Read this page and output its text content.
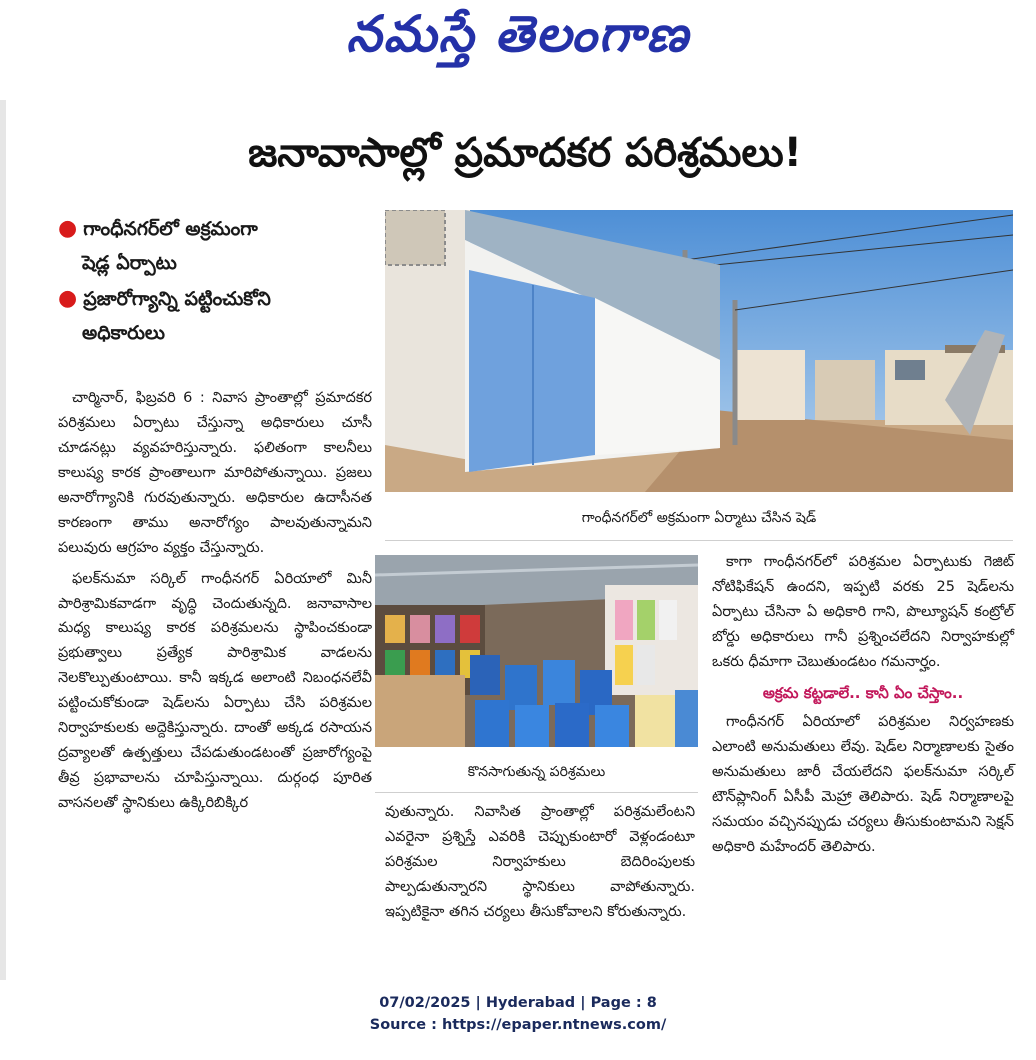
నమస్తే తెలంగాణ
జనావాసాల్లో ప్రమాదకర పరిశ్రమలు!
● గాంధీనగర్‌లో అక్రమంగా
షెడ్ల ఏర్పాటు
● ప్రజారోగ్యాన్ని పట్టించుకోని
అధికారులు

చార్మినార్, ఫిబ్రవరి 6 : నివాస ప్రాంతాల్లో ప్రమాదకర పరిశ్రమలు ఏర్పాటు చేస్తున్నా అధికారులు చూసీ చూడనట్లు వ్యవహరిస్తున్నారు. ఫలితంగా కాలనీలు కాలుష్య కారక ప్రాంతాలుగా మారిపోతున్నాయి. ప్రజలు అనారోగ్యానికి గురవుతున్నారు. అధికారుల ఉదాసీనత కారణంగా తాము అనారోగ్యం పాలవుతున్నామని పలువురు ఆగ్రహం వ్యక్తం చేస్తున్నారు.

ఫలక్‌నుమా సర్కిల్ గాంధీనగర్ ఏరియాలో మినీ పారిశ్రామికవాడగా వృద్ధి చెందుతున్నది. జనావాసాల మధ్య కాలుష్య కారక పరిశ్రమలను స్థాపించకుండా ప్రభుత్వాలు ప్రత్యేక పారిశ్రామిక వాడలను నెలకొల్పుతుంటాయి. కానీ ఇక్కడ అలాంటి నిబంధనలేవీ పట్టించుకోకుండా షెడ్‌లను ఏర్పాటు చేసి పరిశ్రమల నిర్వాహకులకు అద్దెకిస్తున్నారు. దాంతో అక్కడ రసాయన ద్రవ్యాలతో ఉత్పత్తులు చేపడుతుండటంతో ప్రజారోగ్యంపై తీవ్ర ప్రభావాలను చూపిస్తున్నాయి. దుర్గంధ పూరిత వాసనలతో స్థానికులు ఉక్కిరిబిక్కిర

గాంధీనగర్‌లో అక్రమంగా ఏర్మాటు చేసిన షెడ్
కొనసాగుతున్న పరిశ్రమలు

వుతున్నారు. నివాసిత ప్రాంతాల్లో పరిశ్రమలేంటని ఎవరైనా ప్రశ్నిస్తే ఎవరికి చెప్పుకుంటారో వెళ్లండంటూ పరిశ్రమల నిర్వాహకులు బెదిరింపులకు పాల్పడుతున్నారని స్థానికులు వాపోతున్నారు. ఇప్పటికైనా తగిన చర్యలు తీసుకోవాలని కోరుతున్నారు.

కాగా గాంధీనగర్‌లో పరిశ్రమల ఏర్పాటుకు గెజిట్ నోటిఫికేషన్ ఉందని, ఇప్పటి వరకు 25 షెడ్‌లను ఏర్పాటు చేసినా ఏ అధికారి గాని, పొల్యూషన్ కంట్రోల్ బోర్డు అధికారులు గానీ ప్రశ్నించలేదని నిర్వాహకుల్లో ఒకరు ధీమాగా చెబుతుండటం గమనార్హం.

అక్రమ కట్టడాలే.. కానీ ఏం చేస్తాం..

గాంధీనగర్ ఏరియాలో పరిశ్రమల నిర్వహణకు ఎలాంటి అనుమతులు లేవు. షెడ్‌ల నిర్మాణాలకు సైతం అనుమతులు జారీ చేయలేదని ఫలక్‌నుమా సర్కిల్ టౌన్‌ప్లానింగ్ ఏసీపీ మెహ్రా తెలిపారు. షెడ్ నిర్మాణాలపై సమయం వచ్చినప్పుడు చర్యలు తీసుకుంటామని సెక్షన్ అధికారి మహేందర్ తెలిపారు.

07/02/2025 | Hyderabad | Page : 8
Source : https://epaper.ntnews.com/
